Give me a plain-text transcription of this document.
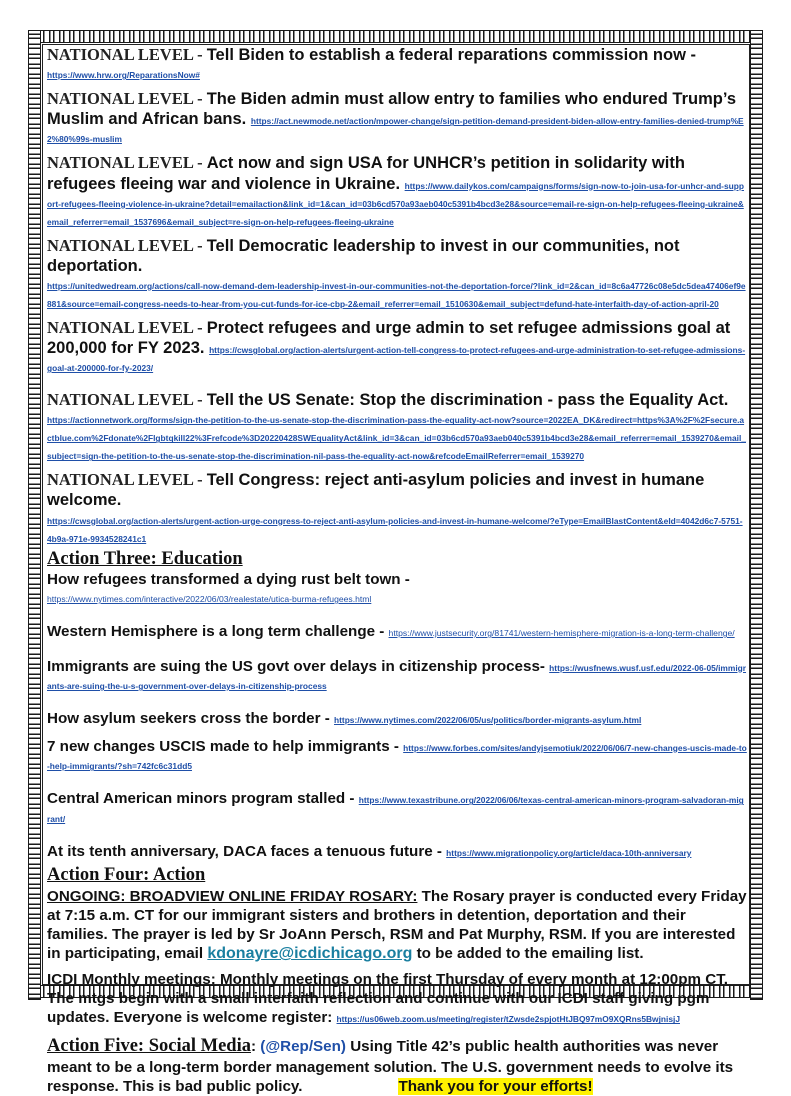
NATIONAL LEVEL - Tell Biden to establish a federal reparations commission now -
https://www.hrw.org/ReparationsNow#
NATIONAL LEVEL - The Biden admin must allow entry to families who endured Trump’s Muslim and African bans. https://act.newmode.net/action/mpower-change/sign-petition-demand-president-biden-allow-entry-families-denied-trump%E2%80%99s-muslim
NATIONAL LEVEL - Act now and sign USA for UNHCR’s petition in solidarity with refugees fleeing war and violence in Ukraine. https://www.dailykos.com/campaigns/forms/sign-now-to-join-usa-for-unhcr-and-support-refugees-fleeing-violence-in-ukraine?detail=emailaction&link_id=1&can_id=03b6cd570a93aeb040c5391b4bcd3e28&source=email-re-sign-on-help-refugees-fleeing-ukraine&email_referrer=email_1537696&email_subject=re-sign-on-help-refugees-fleeing-ukraine
NATIONAL LEVEL - Tell Democratic leadership to invest in our communities, not deportation.
https://unitedwedream.org/actions/call-now-demand-dem-leadership-invest-in-our-communities-not-the-deportation-force/?link_id=2&can_id=8c6a47726c08e5dc5dea47406ef9e881&source=email-congress-needs-to-hear-from-you-cut-funds-for-ice-cbp-2&email_referrer=email_1510630&email_subject=defund-hate-interfaith-day-of-action-april-20
NATIONAL LEVEL - Protect refugees and urge admin to set refugee admissions goal at 200,000 for FY 2023. https://cwsglobal.org/action-alerts/urgent-action-tell-congress-to-protect-refugees-and-urge-administration-to-set-refugee-admissions-goal-at-200000-for-fy-2023/
NATIONAL LEVEL - Tell the US Senate: Stop the discrimination - pass the Equality Act.
https://actionnetwork.org/forms/sign-the-petition-to-the-us-senate-stop-the-discrimination-pass-the-equality-act-now?source=2022EA_DK&redirect=https%3A%2F%2Fsecure.actblue.com%2Fdonate%2Flgbtqkill22%3Frefcode%3D20220428SWEqualityAct&link_id=3&can_id=03b6cd570a93aeb040c5391b4bcd3e28&email_referrer=email_1539270&email_subject=sign-the-petition-to-the-us-senate-stop-the-discrimination-nil-pass-the-equality-act-now&refcodeEmailReferrer=email_1539270
NATIONAL LEVEL - Tell Congress: reject anti-asylum policies and invest in humane welcome.
https://cwsglobal.org/action-alerts/urgent-action-urge-congress-to-reject-anti-asylum-policies-and-invest-in-humane-welcome/?eType=EmailBlastContent&eId=4042d6c7-5751-4b9a-971e-9934528241c1
Action Three: Education
How refugees transformed a dying rust belt town -
https://www.nytimes.com/interactive/2022/06/03/realestate/utica-burma-refugees.html
Western Hemisphere is a long term challenge - https://www.justsecurity.org/81741/western-hemisphere-migration-is-a-long-term-challenge/
Immigrants are suing the US govt over delays in citizenship process- https://wusfnews.wusf.usf.edu/2022-06-05/immigrants-are-suing-the-u-s-government-over-delays-in-citizenship-process
How asylum seekers cross the border - https://www.nytimes.com/2022/06/05/us/politics/border-migrants-asylum.html
7 new changes USCIS made to help immigrants - https://www.forbes.com/sites/andyjsemotiuk/2022/06/06/7-new-changes-uscis-made-to-help-immigrants/?sh=742fc6c31dd5
Central American minors program stalled - https://www.texastribune.org/2022/06/06/texas-central-american-minors-program-salvadoran-migrant/
At its tenth anniversary, DACA faces a tenuous future - https://www.migrationpolicy.org/article/daca-10th-anniversary
Action Four: Action
ONGOING: BROADVIEW ONLINE FRIDAY ROSARY: The Rosary prayer is conducted every Friday at 7:15 a.m. CT for our immigrant sisters and brothers in detention, deportation and their families. The prayer is led by Sr JoAnn Persch, RSM and Pat Murphy, RSM. If you are interested in participating, email kdonayre@icdichicago.org to be added to the emailing list.
ICDI Monthly meetings: Monthly meetings on the first Thursday of every month at 12:00pm CT. The mtgs begin with a small interfaith reflection and continue with our ICDI staff giving pgm updates. Everyone is welcome register: https://us06web.zoom.us/meeting/register/tZwsde2spjotHtJBQ97mO9XQRns5BwjnisjJ
Action Five: Social Media: (@Rep/Sen) Using Title 42’s public health authorities was never meant to be a long-term border management solution. The U.S. government needs to evolve its response. This is bad public policy.	Thank you for your efforts!
